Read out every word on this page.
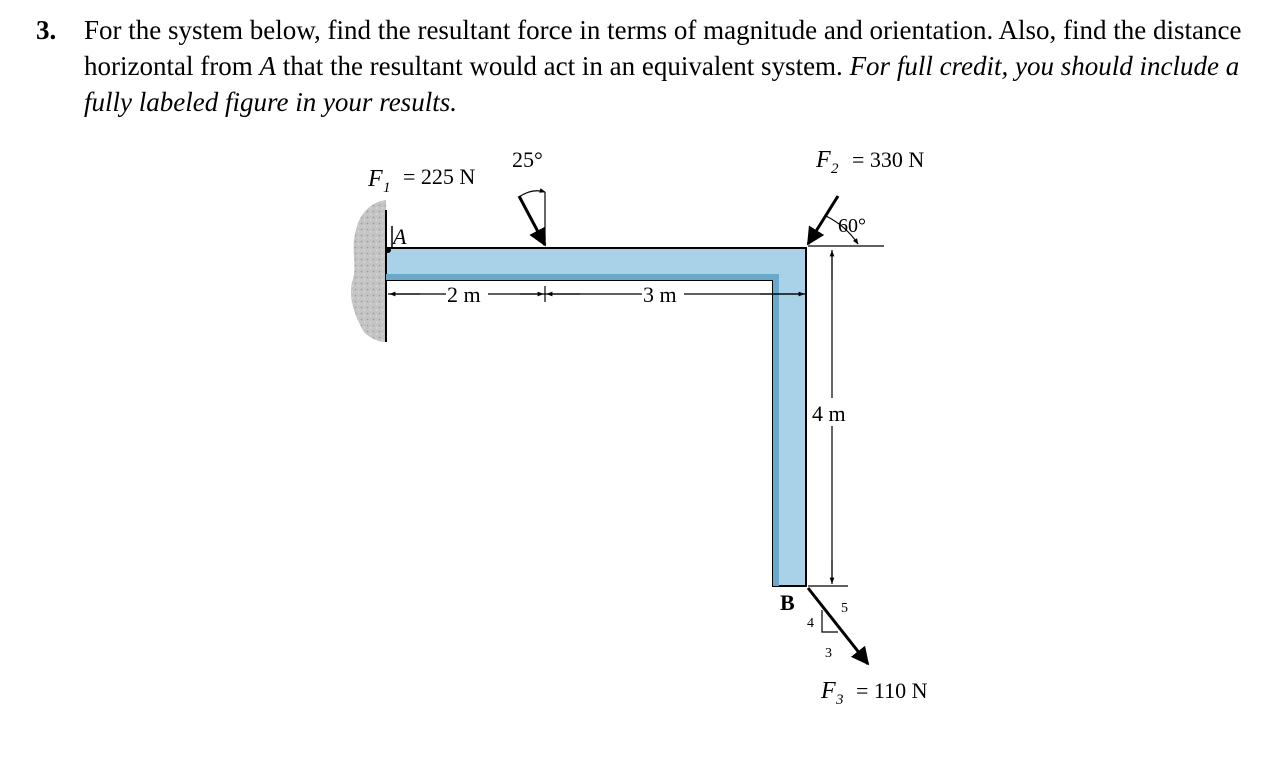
3. For the system below, find the resultant force in terms of magnitude and orientation. Also, find the distance horizontal from A that the resultant would act in an equivalent system. For full credit, you should include a fully labeled figure in your results.
A
F 1 = 225 N
25°	F 2 = 330 N
60°
2 m	3 m
4 m
B
4
3
5
F 3 = 110 N
